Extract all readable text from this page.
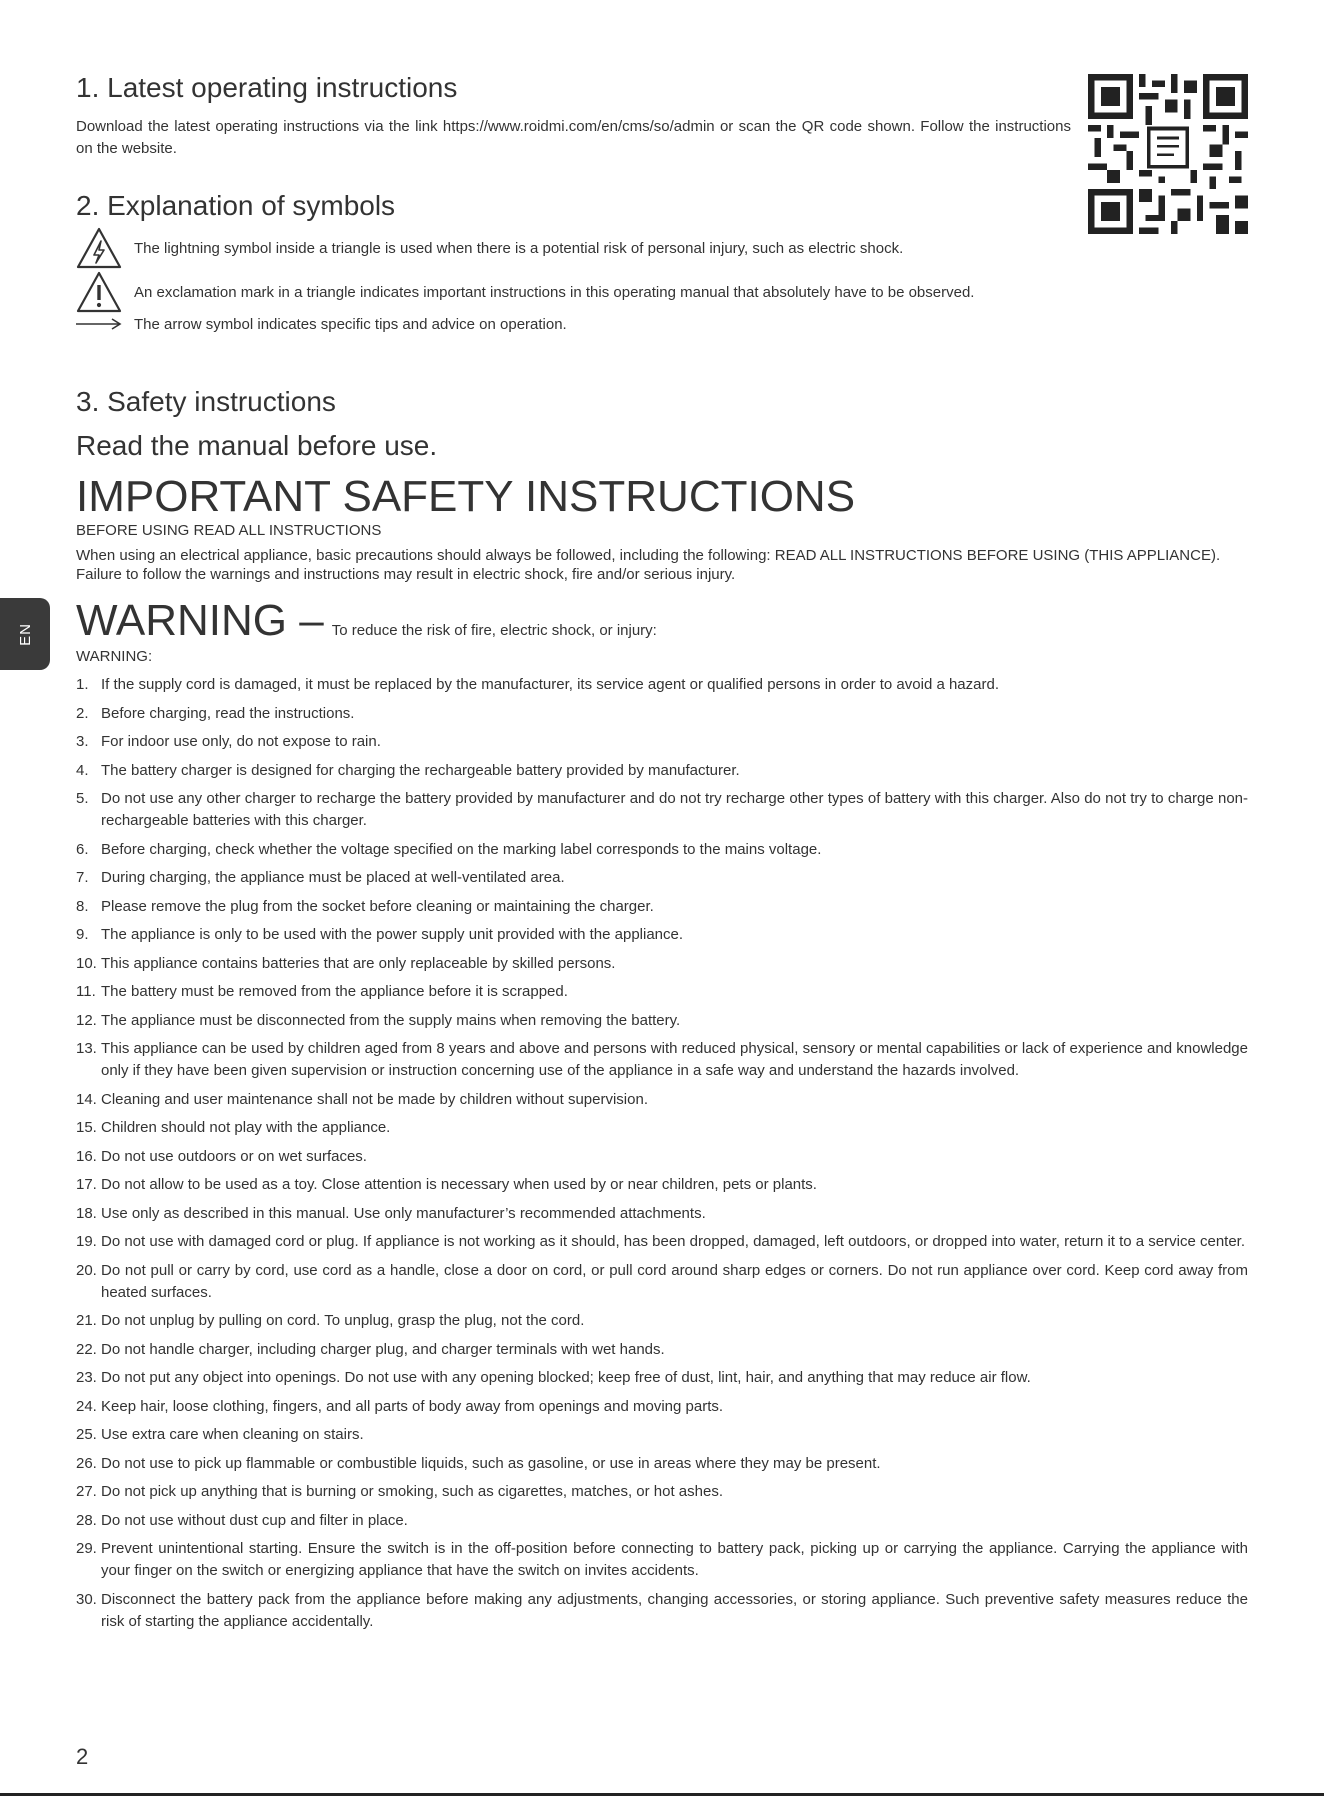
EN
1. Latest operating instructions

Download the latest operating instructions via the link https://www.roidmi.com/en/cms/so/admin or scan the QR code shown. Follow the instructions on the website.

2. Explanation of symbols
The lightning symbol inside a triangle is used when there is a potential risk of personal injury, such as electric shock.
An exclamation mark in a triangle indicates important instructions in this operating manual that absolutely have to be observed.
The arrow symbol indicates specific tips and advice on operation.
3. Safety instructions
Read the manual before use.
IMPORTANT SAFETY INSTRUCTIONS
BEFORE USING READ ALL INSTRUCTIONS

When using an electrical appliance, basic precautions should always be followed, including the following: READ ALL INSTRUCTIONS BEFORE USING (THIS APPLIANCE). Failure to follow the warnings and instructions may result in electric shock, fire and/or serious injury.

WARNING – To reduce the risk of fire, electric shock, or injury:
WARNING:
1. If the supply cord is damaged, it must be replaced by the manufacturer, its service agent or qualified persons in order to avoid a hazard.
2. Before charging, read the instructions.
3. For indoor use only, do not expose to rain.
4. The battery charger is designed for charging the rechargeable battery provided by manufacturer.
5. Do not use any other charger to recharge the battery provided by manufacturer and do not try recharge other types of battery with this charger. Also do not try to charge non-rechargeable batteries with this charger.
6. Before charging, check whether the voltage specified on the marking label corresponds to the mains voltage.
7. During charging, the appliance must be placed at well-ventilated area.
8. Please remove the plug from the socket before cleaning or maintaining the charger.
9. The appliance is only to be used with the power supply unit provided with the appliance.
10. This appliance contains batteries that are only replaceable by skilled persons.
11. The battery must be removed from the appliance before it is scrapped.
12. The appliance must be disconnected from the supply mains when removing the battery.
13. This appliance can be used by children aged from 8 years and above and persons with reduced physical, sensory or mental capabilities or lack of experience and knowledge only if they have been given supervision or instruction concerning use of the appliance in a safe way and understand the hazards involved.
14. Cleaning and user maintenance shall not be made by children without supervision.
15. Children should not play with the appliance.
16. Do not use outdoors or on wet surfaces.
17. Do not allow to be used as a toy. Close attention is necessary when used by or near children, pets or plants.
18. Use only as described in this manual. Use only manufacturer’s recommended attachments.
19. Do not use with damaged cord or plug. If appliance is not working as it should, has been dropped, damaged, left outdoors, or dropped into water, return it to a service center.
20. Do not pull or carry by cord, use cord as a handle, close a door on cord, or pull cord around sharp edges or corners. Do not run appliance over cord. Keep cord away from heated surfaces.
21. Do not unplug by pulling on cord. To unplug, grasp the plug, not the cord.
22. Do not handle charger, including charger plug, and charger terminals with wet hands.
23. Do not put any object into openings. Do not use with any opening blocked; keep free of dust, lint, hair, and anything that may reduce air flow.
24. Keep hair, loose clothing, fingers, and all parts of body away from openings and moving parts.
25. Use extra care when cleaning on stairs.
26. Do not use to pick up flammable or combustible liquids, such as gasoline, or use in areas where they may be present.
27. Do not pick up anything that is burning or smoking, such as cigarettes, matches, or hot ashes.
28. Do not use without dust cup and filter in place.
29. Prevent unintentional starting. Ensure the switch is in the off-position before connecting to battery pack, picking up or carrying the appliance. Carrying the appliance with your finger on the switch or energizing appliance that have the switch on invites accidents.
30. Disconnect the battery pack from the appliance before making any adjustments, changing accessories, or storing appliance. Such preventive safety measures reduce the risk of starting the appliance accidentally.
2
